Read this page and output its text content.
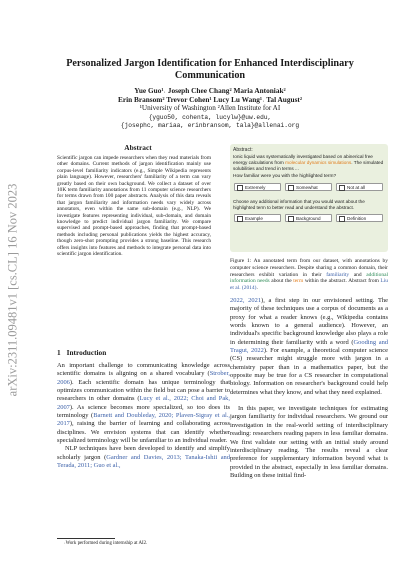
arXiv:2311.09481v1 [cs.CL] 16 Nov 2023
Personalized Jargon Identification for Enhanced Interdisciplinary
Communication
Yue Guo¹˒ Joseph Chee Chang² Maria Antoniak²
Erin Bransom² Trevor Cohen¹ Lucy Lu Wang¹˒ Tal August²
¹University of Washington ²Allen Institute for AI
{yguo50, cohenta, lucylw}@uw.edu,
{josephc, mariaa, erinbransom, tala}@allenai.org
Abstract
Scientific jargon can impede researchers when they read materials from other domains. Current methods of jargon identification mainly use corpus-level familiarity indicators (e.g., Simple Wikipedia represents plain language). However, researchers' familiarity of a term can vary greatly based on their own background. We collect a dataset of over 10K term familiarity annotations from 11 computer science researchers for terms drawn from 100 paper abstracts. Analysis of this data reveals that jargon familiarity and information needs vary widely across annotators, even within the same sub-domain (e.g., NLP). We investigate features representing individual, sub-domain, and domain knowledge to predict individual jargon familiarity. We compare supervised and prompt-based approaches, finding that prompt-based methods including personal publications yields the highest accuracy, though zero-shot prompting provides a strong baseline. This research offers insights into features and methods to integrate personal data into scientific jargon identification.
1 Introduction

An important challenge to communicating knowledge across scientific domains is aligning on a shared vocabulary (Strober, 2006). Each scientific domain has unique terminology that optimizes communication within the field but can pose a barrier to researchers in other domains (Lucy et al., 2022; Choi and Pak, 2007). As science becomes more specialized, so too does its terminology (Barnett and Doubleday, 2020; Plaven-Sigray et al., 2017), raising the barrier of learning and collaborating across disciplines. We envision systems that can identify whether specialized terminology will be unfamiliar to an individual reader.

NLP techniques have been developed to identify and simplify scholarly jargon (Gardner and Davies, 2013; Tanaka-Ishii and Terada, 2011; Guo et al.,

˒Work performed during internship at AI2.
Abstract:
Ionic liquid was systematically investigated based on abinerical free energy calculations from molecular dynamics simulations. The simulated solubilities and trend in terms ...
How familiar were you with the highlighted term?
Extremely	Somewhat	Not at all
Choose any additional information that you would want about the highlighted term to better read and understand the abstract.
Example	Background	Definition
Figure 1: An annotated term from our dataset, with annotations by computer science researchers. Despite sharing a common domain, their researchers exhibit variation in their familiarity and additional information needs about the term within the abstract. Abstract from Liu et al. (2014).

2022, 2021), a first step in our envisioned setting. The majority of these techniques use a corpus of documents as a proxy for what a reader knows (e.g., Wikipedia contains words known to a general audience). However, an individual's specific background knowledge also plays a role in determining their familiarity with a word (Gooding and Tragut, 2022). For example, a theoretical computer science (CS) researcher might struggle more with jargon in a chemistry paper than in a mathematics paper, but the opposite may be true for a CS researcher in computational biology. Information on researcher's background could help determines what they know, and what they need explained.

In this paper, we investigate techniques for estimating jargon familiarity for individual researchers. We ground our investigation in the real-world setting of interdisciplinary reading: researchers reading papers in less familiar domains. We first validate our setting with an initial study around interdisciplinary reading. The results reveal a clear preference for supplementary information beyond what is provided in the abstract, especially in less familiar domains. Building on these initial find-
